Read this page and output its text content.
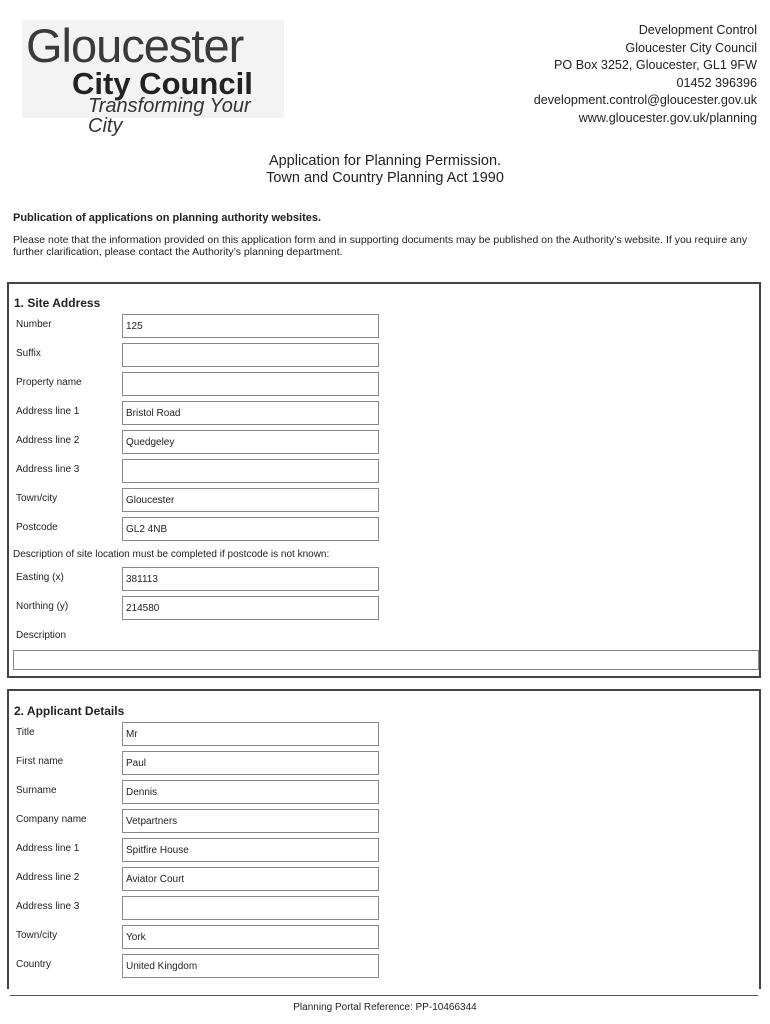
Gloucester
City Council
Transforming Your City
Development Control
Gloucester City Council
PO Box 3252, Gloucester, GL1 9FW
01452 396396
development.control@gloucester.gov.uk
www.gloucester.gov.uk/planning
Application for Planning Permission.
Town and Country Planning Act 1990
Publication of applications on planning authority websites.
Please note that the information provided on this application form and in supporting documents may be published on the Authority’s website. If you require any further clarification, please contact the Authority’s planning department.
1. Site Address
Number	125
Suffix
Property name
Address line 1	Bristol Road
Address line 2	Quedgeley
Address line 3
Town/city	Gloucester
Postcode	GL2 4NB
Description of site location must be completed if postcode is not known:
Easting (x)	381113
Northing (y)	214580
Description
2. Applicant Details
Title	Mr
First name	Paul
Surname	Dennis
Company name	Vetpartners
Address line 1	Spitfire House
Address line 2	Aviator Court
Address line 3
Town/city	York
Country	United Kingdom
Planning Portal Reference: PP-10466344
